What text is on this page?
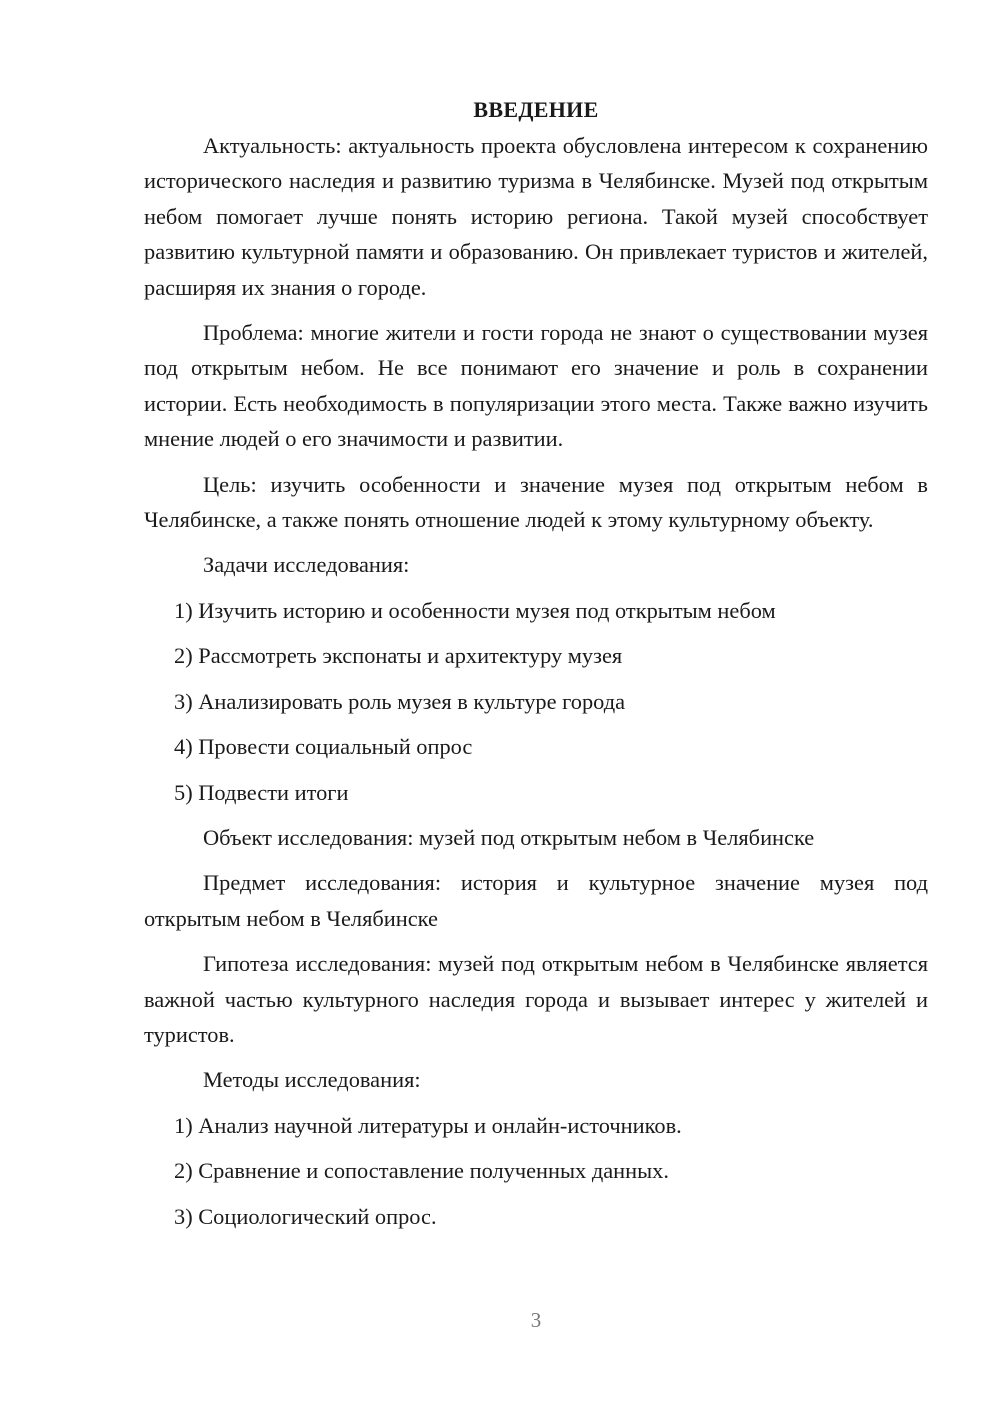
ВВЕДЕНИЕ

Актуальность: актуальность проекта обусловлена интересом к сохранению исторического наследия и развитию туризма в Челябинске. Музей под открытым небом помогает лучше понять историю региона. Такой музей способствует развитию культурной памяти и образованию. Он привлекает туристов и жителей, расширяя их знания о городе.

Проблема: многие жители и гости города не знают о существовании музея под открытым небом. Не все понимают его значение и роль в сохранении истории. Есть необходимость в популяризации этого места. Также важно изучить мнение людей о его значимости и развитии.

Цель: изучить особенности и значение музея под открытым небом в Челябинске, а также понять отношение людей к этому культурному объекту.

Задачи исследования:

1) Изучить историю и особенности музея под открытым небом
2) Рассмотреть экспонаты и архитектуру музея
3) Анализировать роль музея в культуре города
4) Провести социальный опрос
5) Подвести итоги

Объект исследования: музей под открытым небом в Челябинске

Предмет исследования: история и культурное значение музея под открытым небом в Челябинске

Гипотеза исследования: музей под открытым небом в Челябинске является важной частью культурного наследия города и вызывает интерес у жителей и туристов.

Методы исследования:

1) Анализ научной литературы и онлайн-источников.
2) Сравнение и сопоставление полученных данных.
3) Социологический опрос.
3
